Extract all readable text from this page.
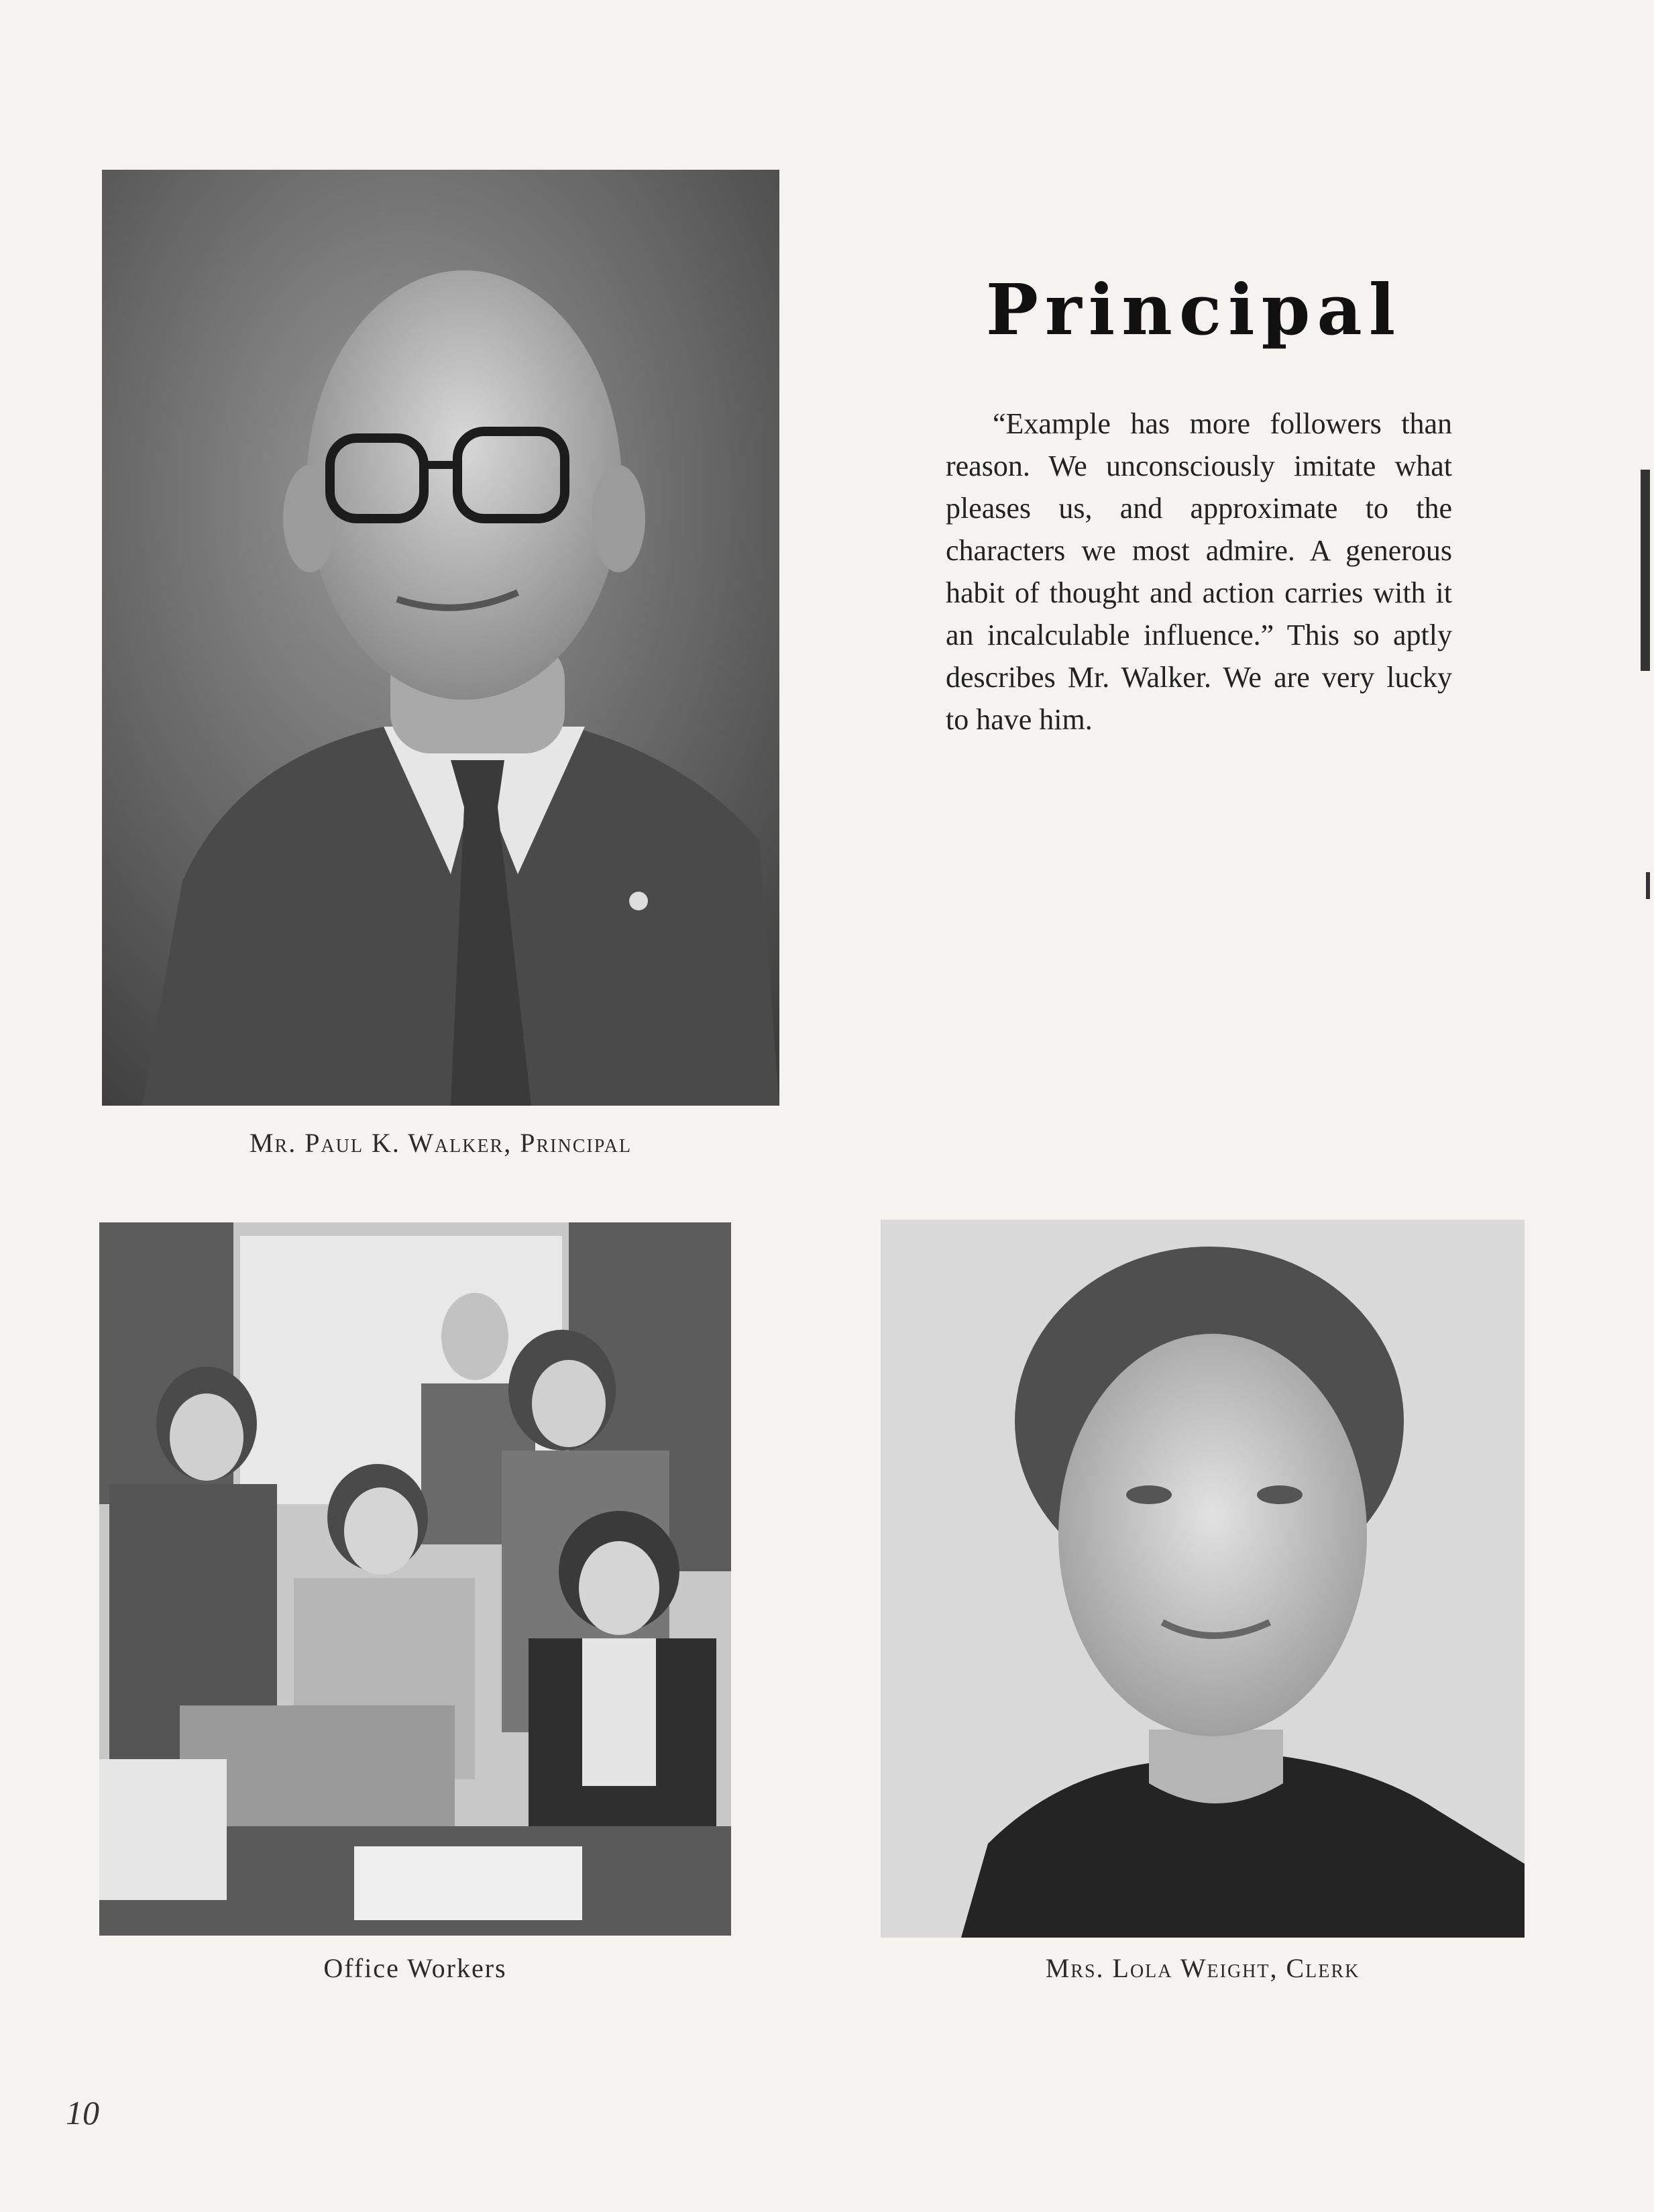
Mr. Paul K. Walker, Principal
Principal
“Example has more followers than reason. We unconsciously imitate what pleases us, and approximate to the characters we most admire. A generous habit of thought and action carries with it an incalculable influence.” This so aptly describes Mr. Walker. We are very lucky to have him.
Office Workers	Mrs. Lola Weight, Clerk
10
